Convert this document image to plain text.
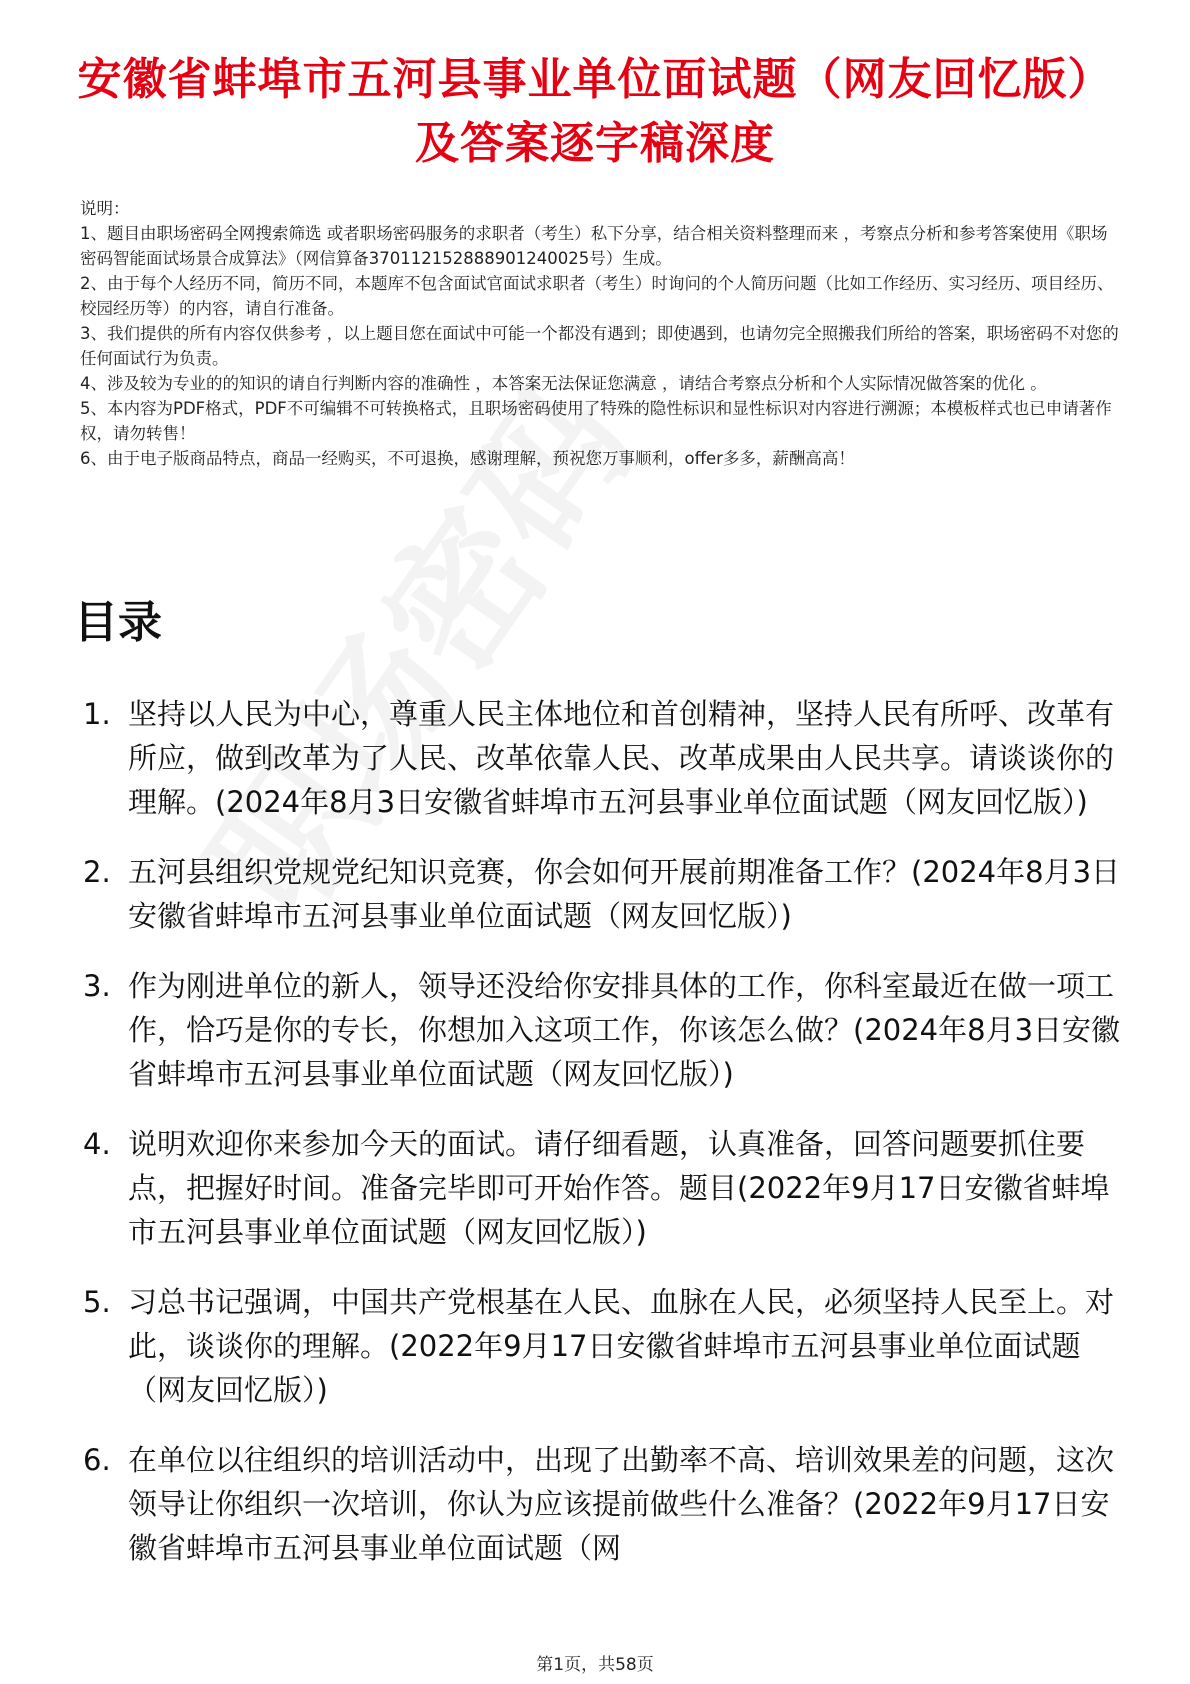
安徽省蚌埠市五河县事业单位面试题（网友回忆版）及答案逐字稿深度

说明：

1、题目由职场密码全网搜索筛选 或者职场密码服务的求职者（考生）私下分享，结合相关资料整理而来 ，考察点分析和参考答案使用《职场密码智能面试场景合成算法》（网信算备370112152888901240025号）生成。

2、由于每个人经历不同，简历不同，本题库不包含面试官面试求职者（考生）时询问的个人简历问题（比如工作经历、实习经历、项目经历、校园经历等）的内容，请自行准备。

3、我们提供的所有内容仅供参考 ，以上题目您在面试中可能一个都没有遇到；即使遇到，也请勿完全照搬我们所给的答案，职场密码不对您的任何面试行为负责。

4、涉及较为专业的的知识的请自行判断内容的准确性 ，本答案无法保证您满意 ，请结合考察点分析和个人实际情况做答案的优化 。

5、本内容为PDF格式，PDF不可编辑不可转换格式，且职场密码使用了特殊的隐性标识和显性标识对内容进行溯源；本模板样式也已申请著作权，请勿转售！

6、由于电子版商品特点，商品一经购买，不可退换，感谢理解，预祝您万事顺利，offer多多，薪酬高高！

目录
1. 坚持以人民为中心，尊重人民主体地位和首创精神，坚持人民有所呼、改革有所应，做到改革为了人民、改革依靠人民、改革成果由人民共享。请谈谈你的理解。(2024年8月3日安徽省蚌埠市五河县事业单位面试题（网友回忆版）)
2. 五河县组织党规党纪知识竞赛，你会如何开展前期准备工作？(2024年8月3日安徽省蚌埠市五河县事业单位面试题（网友回忆版）)
3. 作为刚进单位的新人，领导还没给你安排具体的工作，你科室最近在做一项工作，恰巧是你的专长，你想加入这项工作，你该怎么做？(2024年8月3日安徽省蚌埠市五河县事业单位面试题（网友回忆版）)
4. 说明欢迎你来参加今天的面试。请仔细看题，认真准备，回答问题要抓住要点，把握好时间。准备完毕即可开始作答。题目(2022年9月17日安徽省蚌埠市五河县事业单位面试题（网友回忆版）)
5. 习总书记强调，中国共产党根基在人民、血脉在人民，必须坚持人民至上。对此，谈谈你的理解。(2022年9月17日安徽省蚌埠市五河县事业单位面试题（网友回忆版）)
6. 在单位以往组织的培训活动中，出现了出勤率不高、培训效果差的问题，这次领导让你组织一次培训，你认为应该提前做些什么准备？(2022年9月17日安徽省蚌埠市五河县事业单位面试题（网
第1页，共58页
